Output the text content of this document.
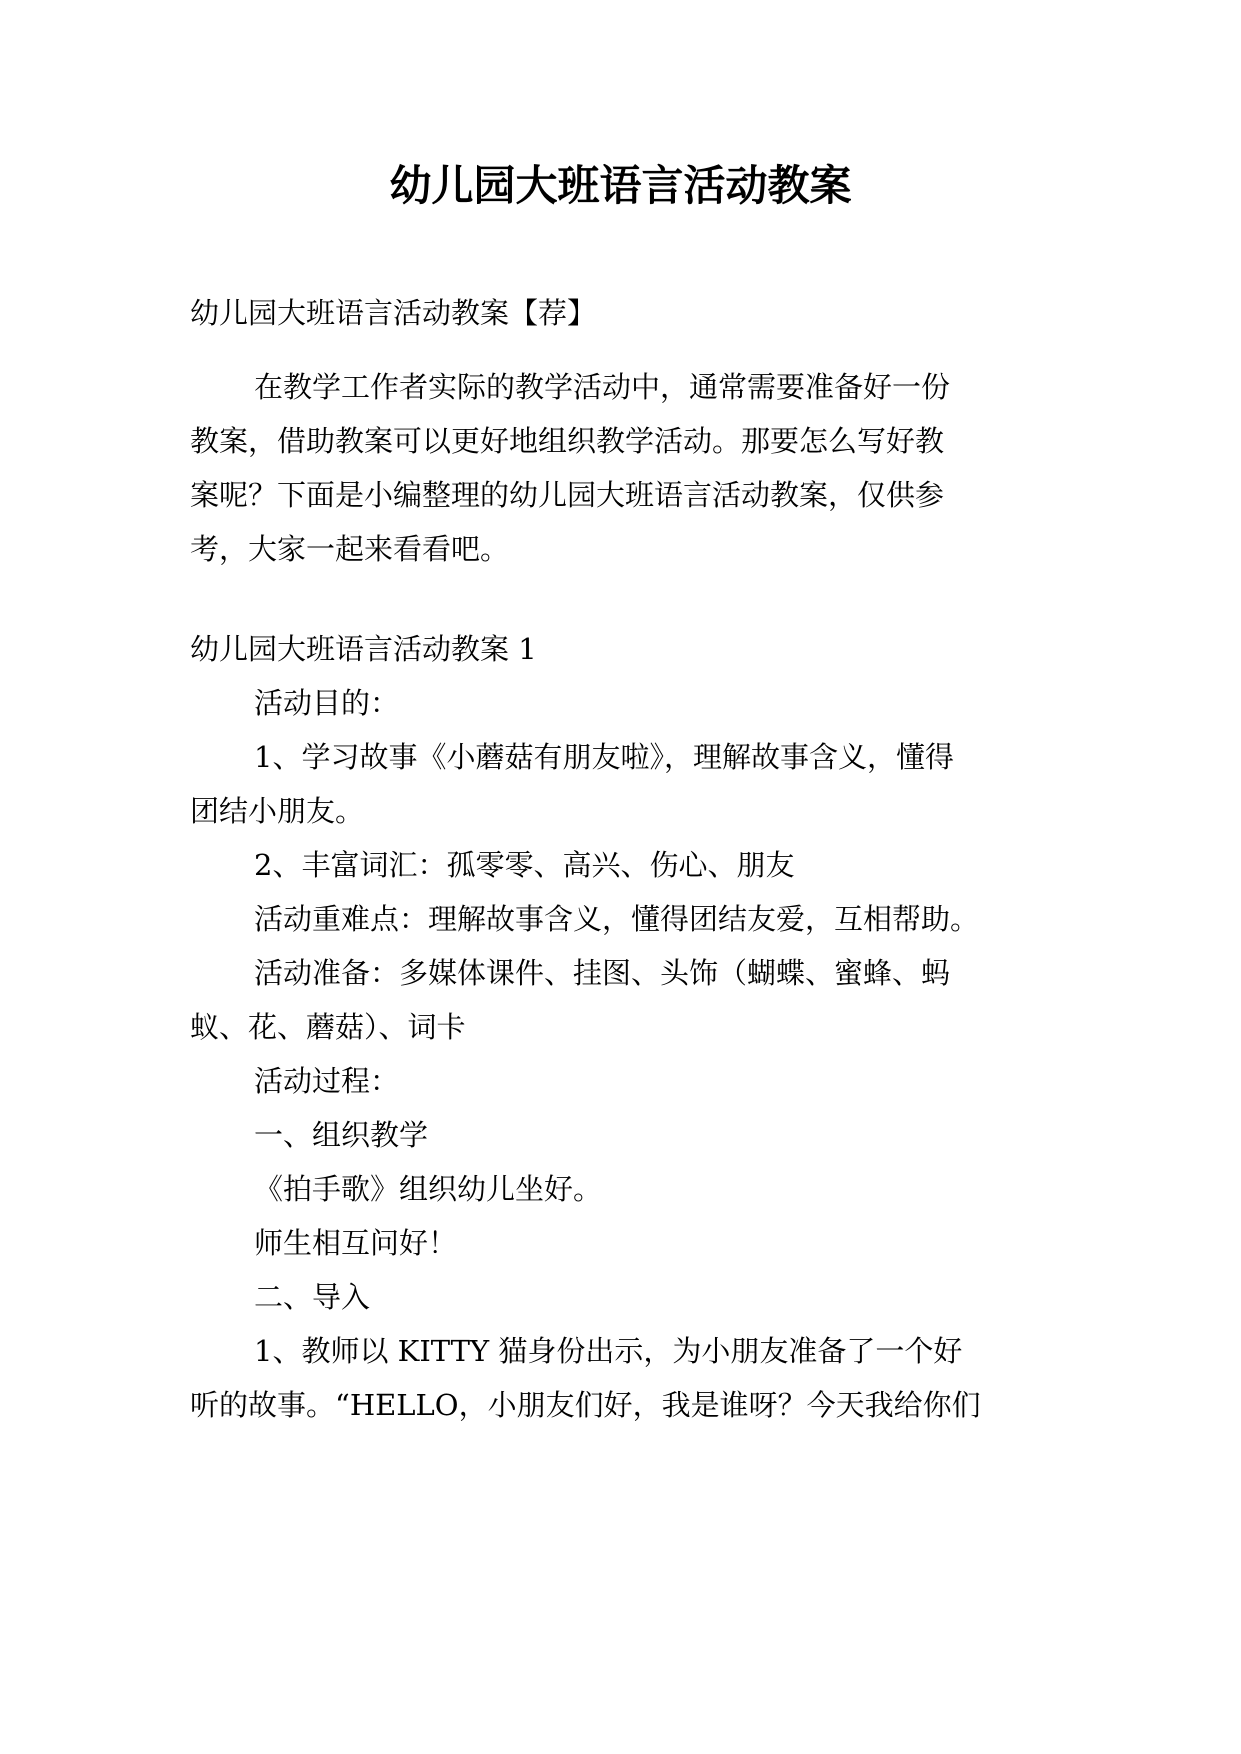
幼儿园大班语言活动教案

幼儿园大班语言活动教案【荐】

在教学工作者实际的教学活动中，通常需要准备好一份

教案，借助教案可以更好地组织教学活动。那要怎么写好教

案呢？下面是小编整理的幼儿园大班语言活动教案，仅供参

考，大家一起来看看吧。

幼儿园大班语言活动教案 1

活动目的：

1、学习故事《小蘑菇有朋友啦》，理解故事含义，懂得

团结小朋友。

2、丰富词汇：孤零零、高兴、伤心、朋友

活动重难点：理解故事含义，懂得团结友爱，互相帮助。

活动准备：多媒体课件、挂图、头饰（蝴蝶、蜜蜂、蚂

蚁、花、蘑菇）、词卡

活动过程：

一、组织教学

《拍手歌》组织幼儿坐好。

师生相互问好！

二、导入

1、教师以 KITTY 猫身份出示，为小朋友准备了一个好

听的故事。“HELLO，小朋友们好，我是谁呀？今天我给你们
